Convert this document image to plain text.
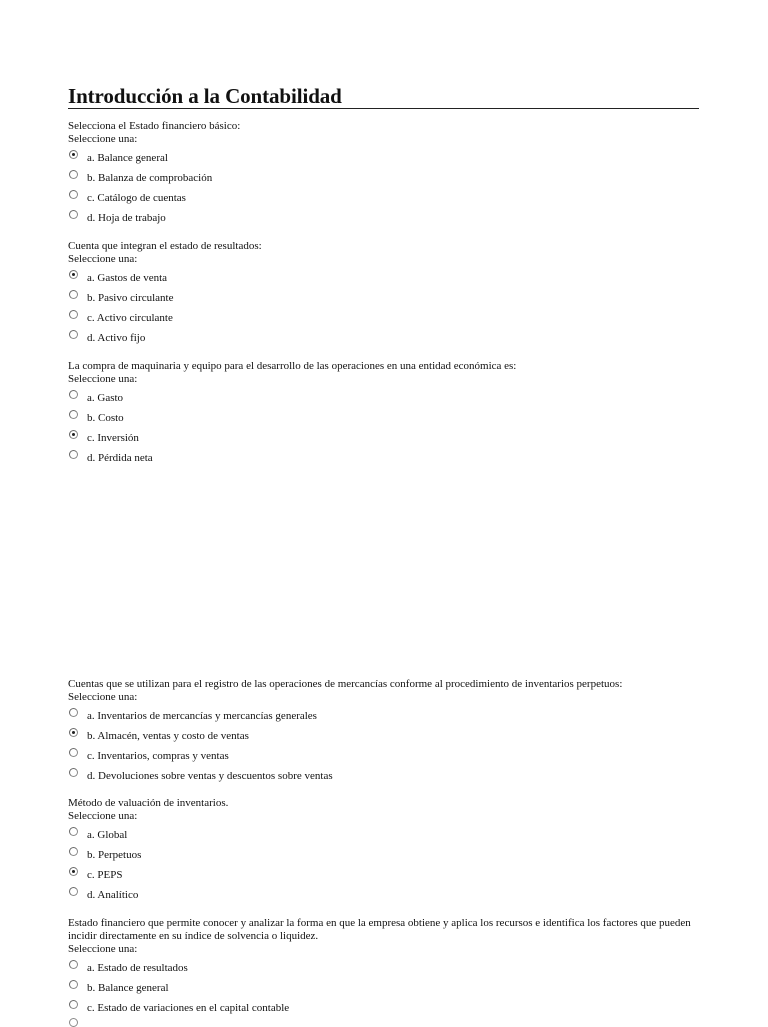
Introducción a la Contabilidad

Selecciona el Estado financiero básico:

Seleccione una:

a. Balance general
b. Balanza de comprobación
c. Catálogo de cuentas
d. Hoja de trabajo

Cuenta que integran el estado de resultados:

Seleccione una:

a. Gastos de venta
b. Pasivo circulante
c. Activo circulante
d. Activo fijo

La compra de maquinaria y equipo para el desarrollo de las operaciones en una entidad económica es:

Seleccione una:

a. Gasto
b. Costo
c. Inversión
d. Pérdida neta

Cuentas que se utilizan para el registro de las operaciones de mercancías conforme al procedimiento de inventarios perpetuos:

Seleccione una:

a. Inventarios de mercancías y mercancías generales
b. Almacén, ventas y costo de ventas
c. Inventarios, compras y ventas
d. Devoluciones sobre ventas y descuentos sobre ventas

Método de valuación de inventarios.

Seleccione una:

a. Global
b. Perpetuos
c. PEPS
d. Analítico

Estado financiero que permite conocer y analizar la forma en que la empresa obtiene y aplica los recursos e identifica los factores que pueden incidir directamente en su índice de solvencia o liquidez.

Seleccione una:

a. Estado de resultados
b. Balance general
c. Estado de variaciones en el capital contable
